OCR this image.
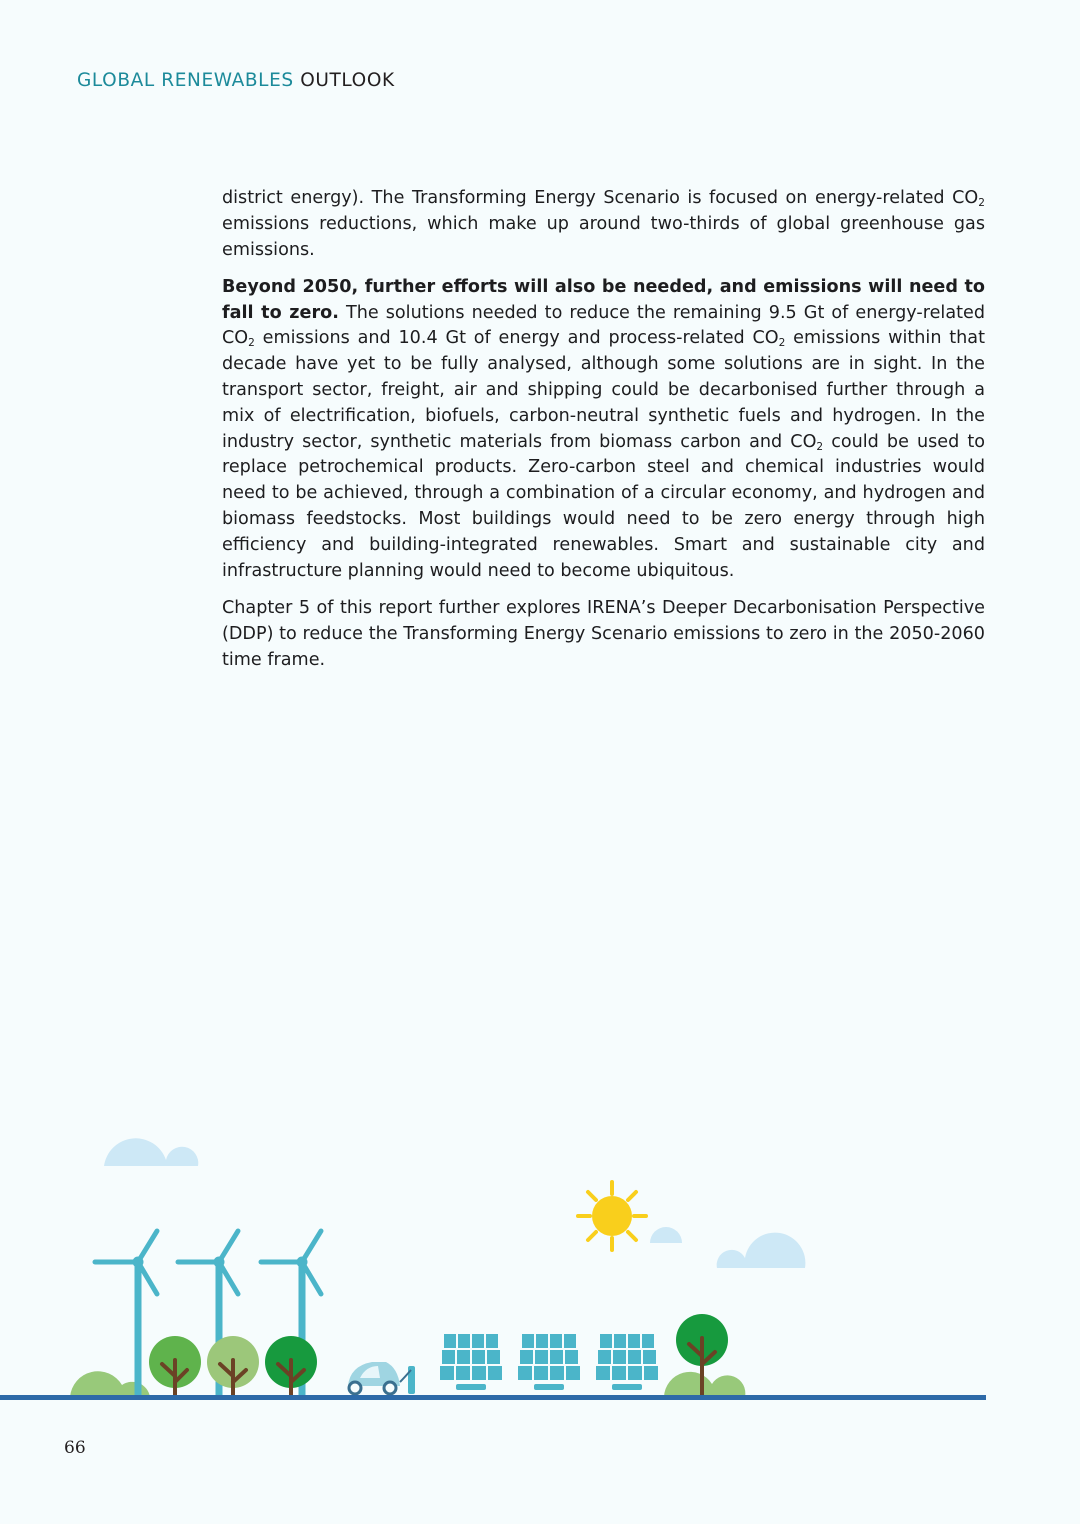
GLOBAL RENEWABLES OUTLOOK

district energy). The Transforming Energy Scenario is focused on energy-related $CO_2$ emissions reductions, which make up around two-thirds of global greenhouse gas emissions.

Beyond 2050, further efforts will also be needed, and emissions will need to fall to zero. The solutions needed to reduce the remaining 9.5 Gt of energy-related $CO_2$ emissions and 10.4 Gt of energy and process-related $CO_2$ emissions within that decade have yet to be fully analysed, although some solutions are in sight. In the transport sector, freight, air and shipping could be decarbonised further through a mix of electrification, biofuels, carbon-neutral synthetic fuels and hydrogen. In the industry sector, synthetic materials from biomass carbon and $CO_2$ could be used to replace petrochemical products. Zero-carbon steel and chemical industries would need to be achieved, through a combination of a circular economy, and hydrogen and biomass feedstocks. Most buildings would need to be zero energy through high efficiency and building-integrated renewables. Smart and sustainable city and infrastructure planning would need to become ubiquitous.

Chapter 5 of this report further explores IRENA’s Deeper Decarbonisation Perspective (DDP) to reduce the Transforming Energy Scenario emissions to zero in the 2050-2060 time frame.

66
